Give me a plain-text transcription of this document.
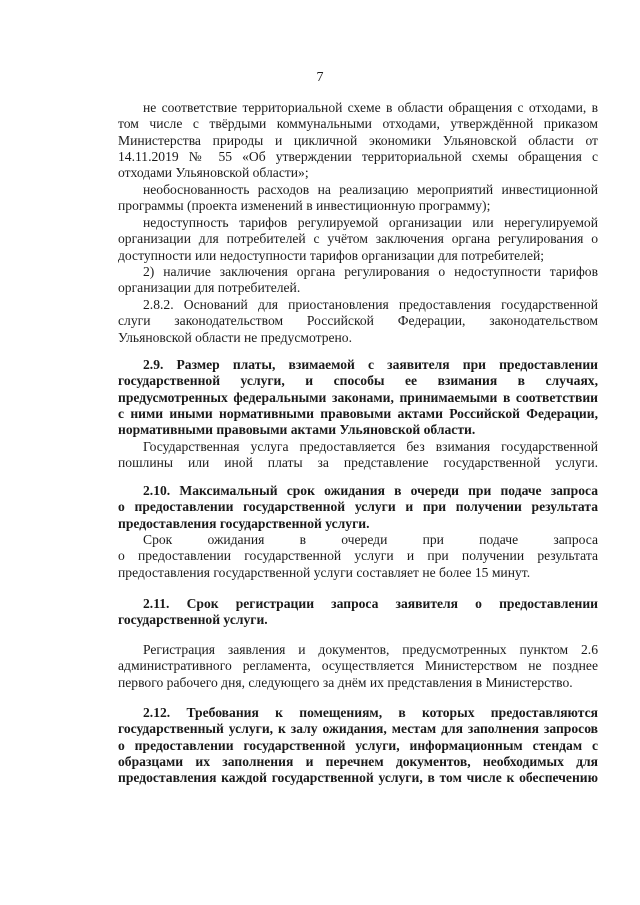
7
не соответствие территориальной схеме в области обращения с отходами, в
том числе с твёрдыми коммунальными отходами, утверждённой приказом
Министерства природы и цикличной экономики Ульяновской области от
14.11.2019 № 55 «Об утверждении территориальной схемы обращения с
отходами Ульяновской области»;
необоснованность расходов на реализацию мероприятий инвестиционной
программы (проекта изменений в инвестиционную программу);
недоступность тарифов регулируемой организации или нерегулируемой
организации для потребителей с учётом заключения органа регулирования о
доступности или недоступности тарифов организации для потребителей;
2) наличие заключения органа регулирования о недоступности тарифов
организации для потребителей.
2.8.2. Оснований для приостановления предоставления государственной
слуги законодательством Российской Федерации, законодательством
Ульяновской области не предусмотрено.
2.9. Размер платы, взимаемой с заявителя при предоставлении
государственной услуги, и способы ее взимания в случаях,
предусмотренных федеральными законами, принимаемыми в соответствии
с ними иными нормативными правовыми актами Российской Федерации,
нормативными правовыми актами Ульяновской области.
Государственная услуга предоставляется без взимания государственной
пошлины или иной платы за представление государственной услуги.
2.10. Максимальный срок ожидания в очереди при подаче запроса
о предоставлении государственной услуги и при получении результата
предоставления государственной услуги.
Срок ожидания в очереди при подаче запроса
о предоставлении государственной услуги и при получении результата
предоставления государственной услуги составляет не более 15 минут.
2.11. Срок регистрации запроса заявителя о предоставлении
государственной услуги.
Регистрация заявления и документов, предусмотренных пунктом 2.6
административного регламента, осуществляется Министерством не позднее
первого рабочего дня, следующего за днём их представления в Министерство.
2.12. Требования к помещениям, в которых предоставляются
государственный услуги, к залу ожидания, местам для заполнения запросов
о предоставлении государственной услуги, информационным стендам с
образцами их заполнения и перечнем документов, необходимых для
предоставления каждой государственной услуги, в том числе к обеспечению
